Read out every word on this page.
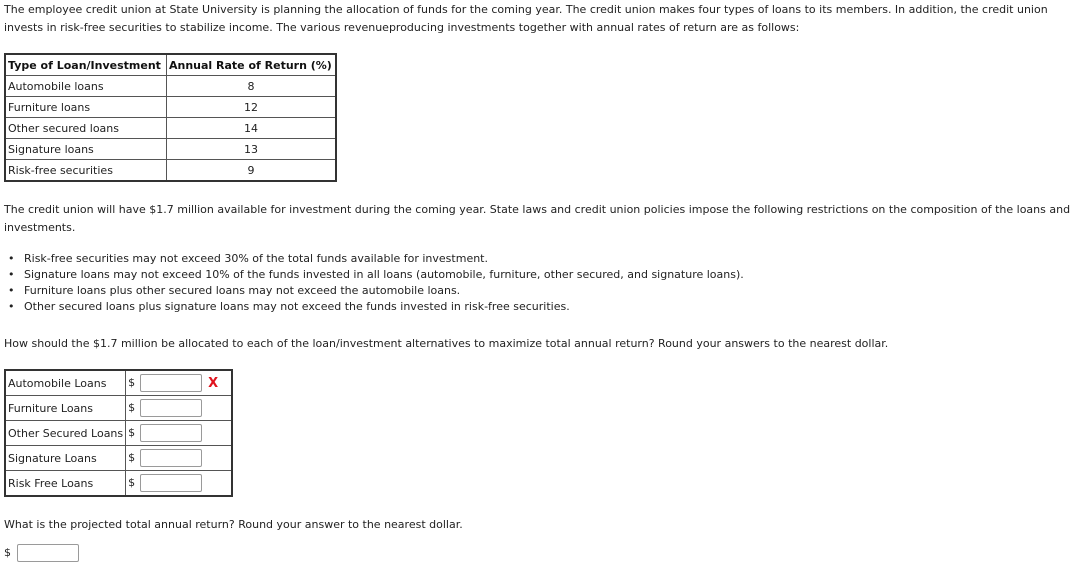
The employee credit union at State University is planning the allocation of funds for the coming year. The credit union makes four types of loans to its members. In addition, the credit union invests in risk-free securities to stabilize income. The various revenueproducing investments together with annual rates of return are as follows:

Type of Loan/Investment	Annual Rate of Return (%)
Automobile loans	8
Furniture loans	12
Other secured loans	14
Signature loans	13
Risk-free securities	9

The credit union will have $1.7 million available for investment during the coming year. State laws and credit union policies impose the following restrictions on the composition of the loans and investments.

• Risk-free securities may not exceed 30% of the total funds available for investment.
• Signature loans may not exceed 10% of the funds invested in all loans (automobile, furniture, other secured, and signature loans).
• Furniture loans plus other secured loans may not exceed the automobile loans.
• Other secured loans plus signature loans may not exceed the funds invested in risk-free securities.

How should the $1.7 million be allocated to each of the loan/investment alternatives to maximize total annual return? Round your answers to the nearest dollar.

Automobile Loans	$ X
Furniture Loans	$
Other Secured Loans	$
Signature Loans	$
Risk Free Loans	$

What is the projected total annual return? Round your answer to the nearest dollar.

$
